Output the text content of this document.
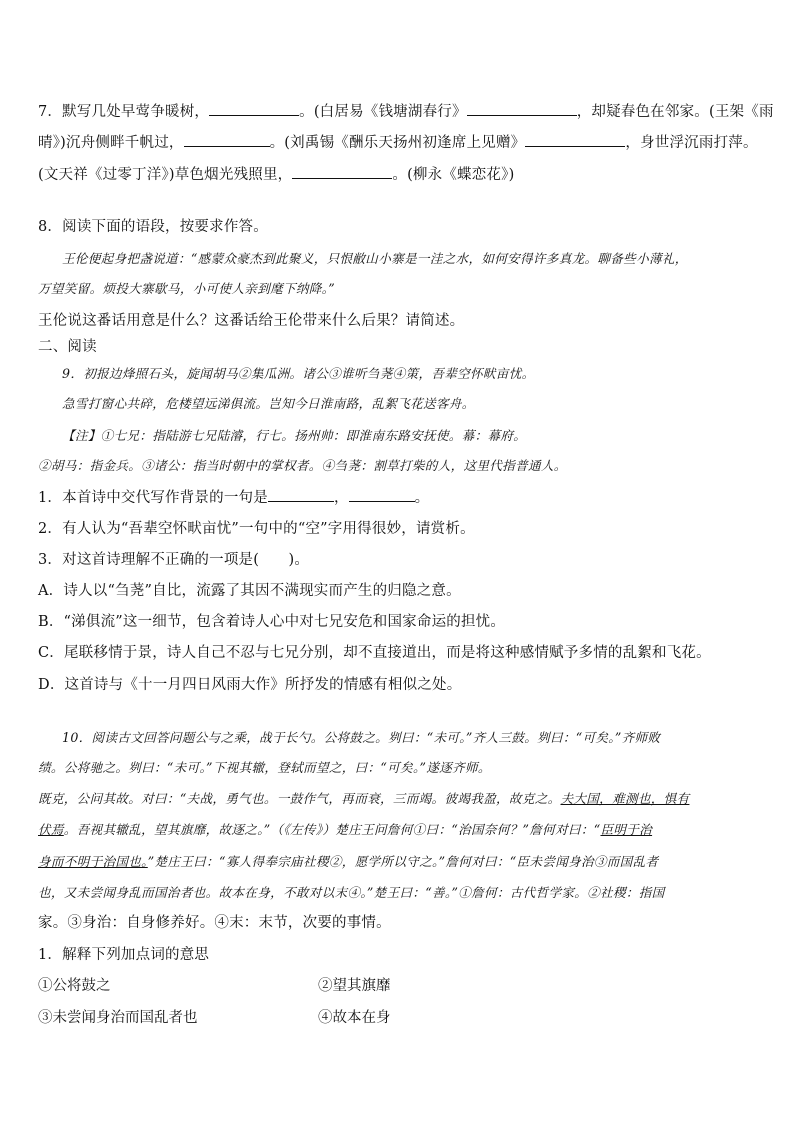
7．默写几处早莺争暖树，	。(白居易《钱塘湖春行》	，却疑春色在邻家。(王架《雨
晴》)沉舟侧畔千帆过，	。(刘禹锡《酬乐天扬州初逢席上见赠》	，身世浮沉雨打萍。
(文天祥《过零丁洋》)草色烟光残照里，	。(柳永《蝶恋花》)
8．阅读下面的语段，按要求作答。
王伦便起身把盏说道：“感蒙众豪杰到此聚义，只恨敝山小寨是一洼之水，如何安得许多真龙。聊备些小薄礼，
万望笑留。烦投大寨歇马，小可使人亲到麾下纳降。”
王伦说这番话用意是什么？这番话给王伦带来什么后果？请简述。
二、阅读
9．初报边烽照石头，旋闻胡马②集瓜洲。诸公③谁听刍荛④策，吾辈空怀畎亩忧。
急雪打窗心共碎，危楼望远涕俱流。岂知今日淮南路，乱絮飞花送客舟。
【注】①七兄：指陆游七兄陆濬，行七。扬州帅：即淮南东路安抚使。幕：幕府。
②胡马：指金兵。③诸公：指当时朝中的掌权者。④刍荛：割草打柴的人，这里代指普通人。
1．本首诗中交代写作背景的一句是	，	。
2．有人认为“吾辈空怀畎亩忧”一句中的“空”字用得很妙，请赏析。
3．对这首诗理解不正确的一项是(　　)。
A．诗人以“刍荛”自比，流露了其因不满现实而产生的归隐之意。
B．“涕俱流”这一细节，包含着诗人心中对七兄安危和国家命运的担忧。
C．尾联移情于景，诗人自己不忍与七兄分别，却不直接道出，而是将这种感情赋予多情的乱絮和飞花。
D．这首诗与《十一月四日风雨大作》所抒发的情感有相似之处。
10．阅读古文回答问题公与之乘，战于长勺。公将鼓之。刿曰：“未可。”齐人三鼓。刿曰：“可矣。”齐师败
绩。公将驰之。刿曰：“未可。”下视其辙，登轼而望之，曰：“可矣。”遂逐齐师。
既克，公问其故。对曰：“夫战，勇气也。一鼓作气，再而衰，三而竭。彼竭我盈，故克之。夫大国，难测也，惧有
伏焉。吾视其辙乱，望其旗靡，故逐之。”（《左传》）楚庄王问詹何①曰：“治国奈何？”詹何对曰：“臣明于治
身而不明于治国也。”楚庄王曰：“寡人得奉宗庙社稷②，愿学所以守之。”詹何对曰：“臣未尝闻身治③而国乱者
也，又未尝闻身乱而国治者也。故本在身，不敢对以末④。”楚王曰：“善。”①詹何：古代哲学家。②社稷：指国
家。③身治：自身修养好。④末：末节，次要的事情。
1．解释下列加点词的意思
①公将鼓之	②望其旗靡
③未尝闻身治而国乱者也	④故本在身
